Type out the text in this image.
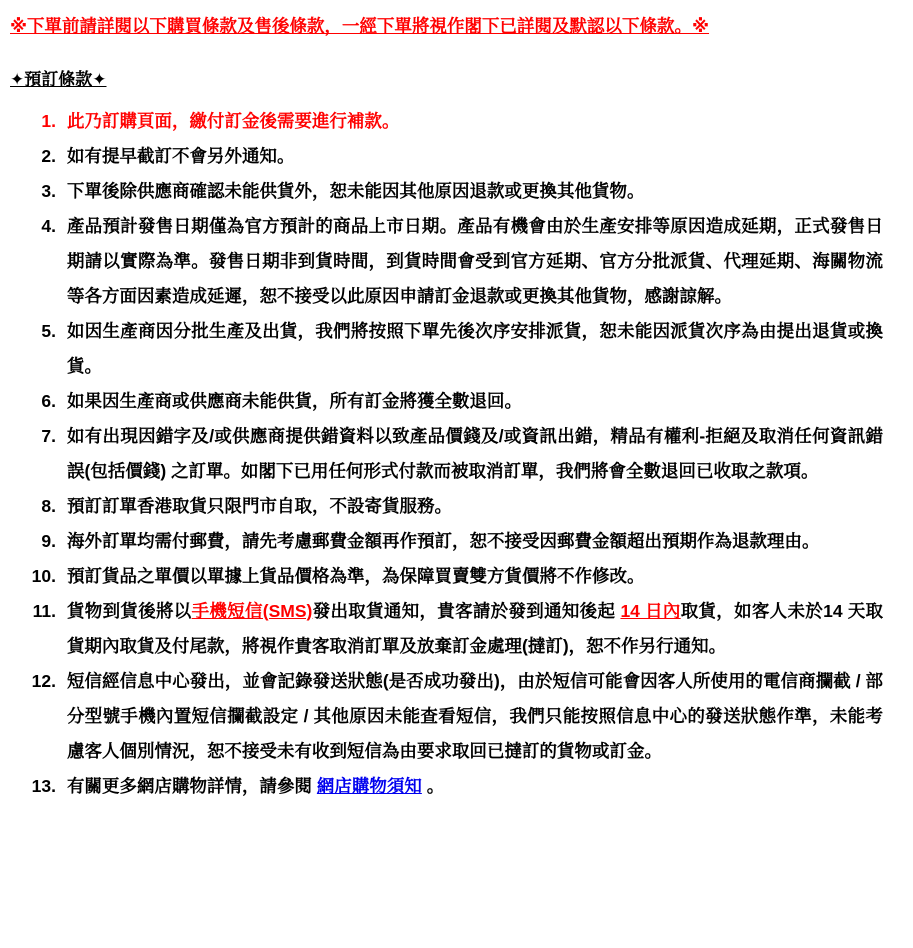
※下單前請詳閱以下購買條款及售後條款，一經下單將視作閣下已詳閱及默認以下條款。※
✦預訂條款✦
1. 此乃訂購頁面，繳付訂金後需要進行補款。
2. 如有提早截訂不會另外通知。
3. 下單後除供應商確認未能供貨外，恕未能因其他原因退款或更換其他貨物。
4. 產品預計發售日期僅為官方預計的商品上市日期。產品有機會由於生產安排等原因造成延期，正式發售日期請以實際為準。發售日期非到貨時間，到貨時間會受到官方延期、官方分批派貨、代理延期、海關物流等各方面因素造成延遲，恕不接受以此原因申請訂金退款或更換其他貨物，感謝諒解。
5. 如因生產商因分批生產及出貨，我們將按照下單先後次序安排派貨，恕未能因派貨次序為由提出退貨或換貨。
6. 如果因生產商或供應商未能供貨，所有訂金將獲全數退回。
7. 如有出現因錯字及/或供應商提供錯資料以致產品價錢及/或資訊出錯，精品有權利-拒絕及取消任何資訊錯誤(包括價錢) 之訂單。如閣下已用任何形式付款而被取消訂單，我們將會全數退回已收取之款項。
8. 預訂訂單香港取貨只限門市自取，不設寄貨服務。
9. 海外訂單均需付郵費，請先考慮郵費金額再作預訂，恕不接受因郵費金額超出預期作為退款理由。
10. 預訂貨品之單價以單據上貨品價格為準，為保障買賣雙方貨價將不作修改。
11. 貨物到貨後將以手機短信(SMS)發出取貨通知，貴客請於發到通知後起 14 日內取貨，如客人未於14 天取貨期內取貨及付尾款，將視作貴客取消訂單及放棄訂金處理(撻訂)，恕不作另行通知。
12. 短信經信息中心發出，並會記錄發送狀態(是否成功發出)，由於短信可能會因客人所使用的電信商攔截 / 部分型號手機內置短信攔截設定 / 其他原因未能查看短信，我們只能按照信息中心的發送狀態作準，未能考慮客人個別情況，恕不接受未有收到短信為由要求取回已撻訂的貨物或訂金。
13. 有關更多網店購物詳情，請參閱 網店購物須知 。
